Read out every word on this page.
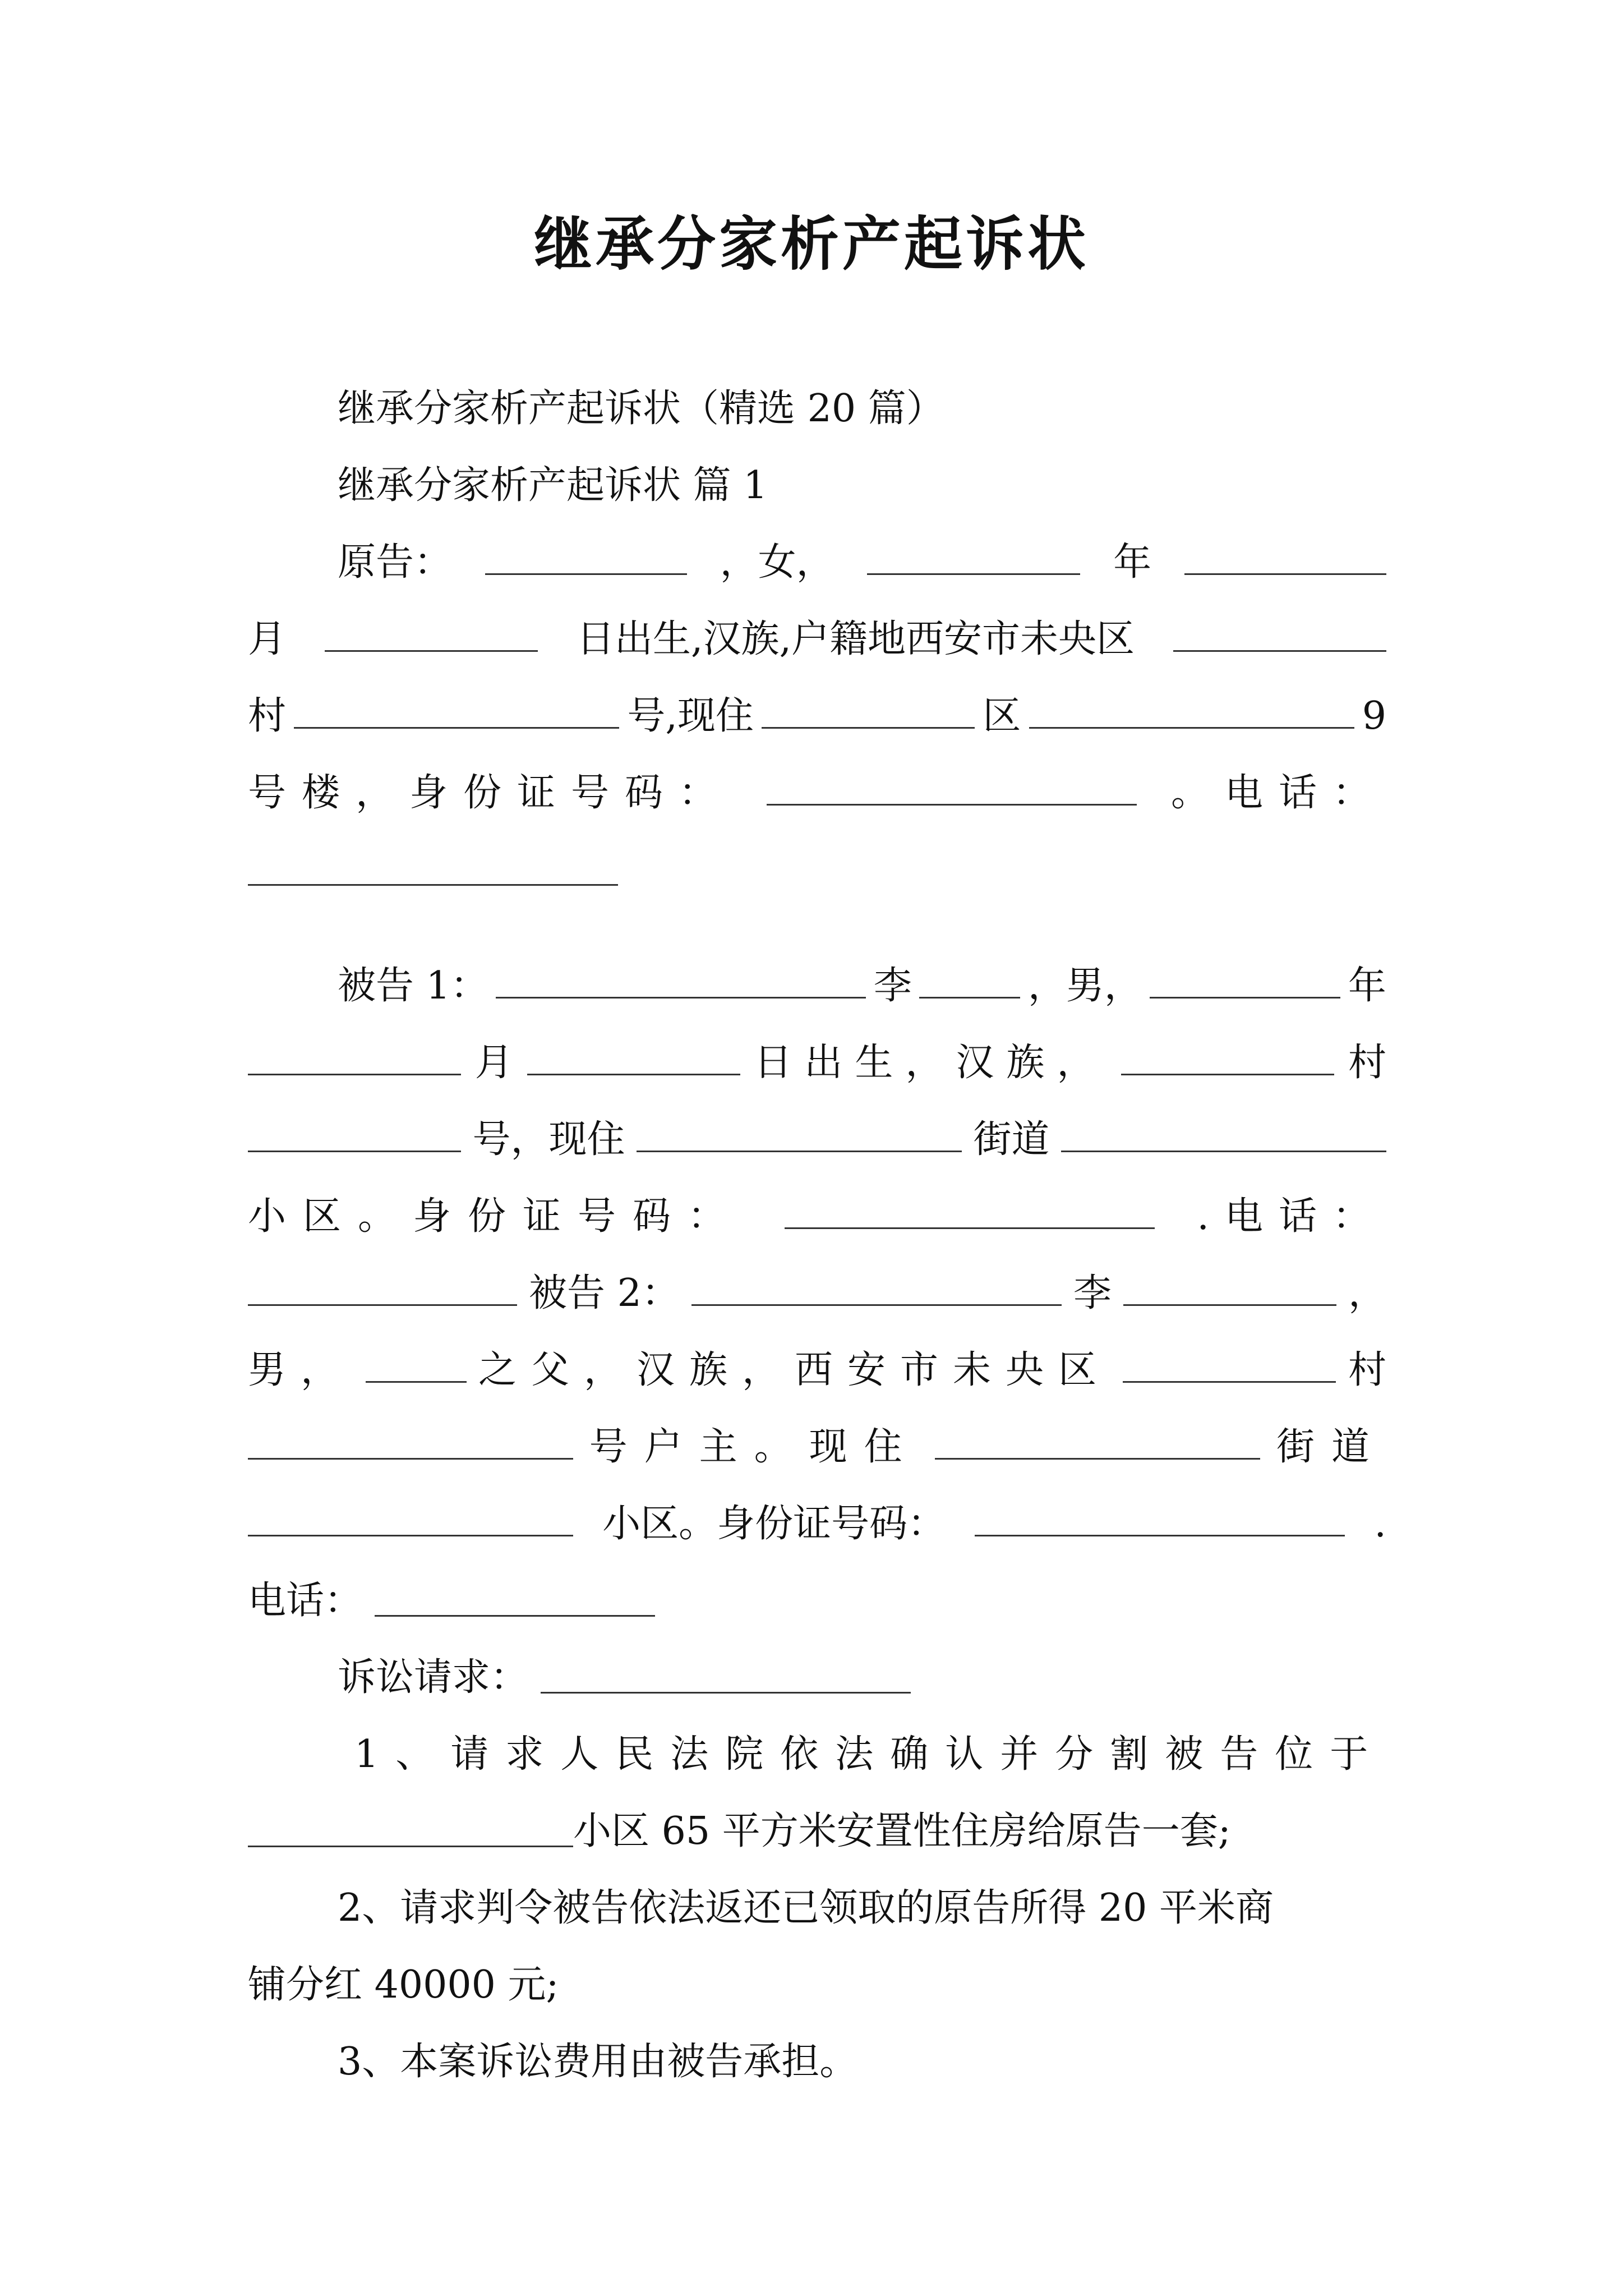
继承分家析产起诉状
继承分家析产起诉状（精选 20 篇）
继承分家析产起诉状 篇 1
原告：	，女，	年
月	日出生,汉族,户籍地西安市未央区
村	号,现住	区	9
号楼，身份证号码：	。电话：
被告 1：	李	，男，	年
月	日出生，汉族，	村
号，现住	街道
小区。身份证号码：	.电话：
被告 2：	李	，
男，	之父，汉族，西安市未央区	村
号户主。现住	街道
小区。身份证号码：	.
电话：
诉讼请求：
1、请求人民法院依法确认并分割被告位于
小区 65 平方米安置性住房给原告一套;
2、请求判令被告依法返还已领取的原告所得 20 平米商
铺分红 40000 元;
3、本案诉讼费用由被告承担。
